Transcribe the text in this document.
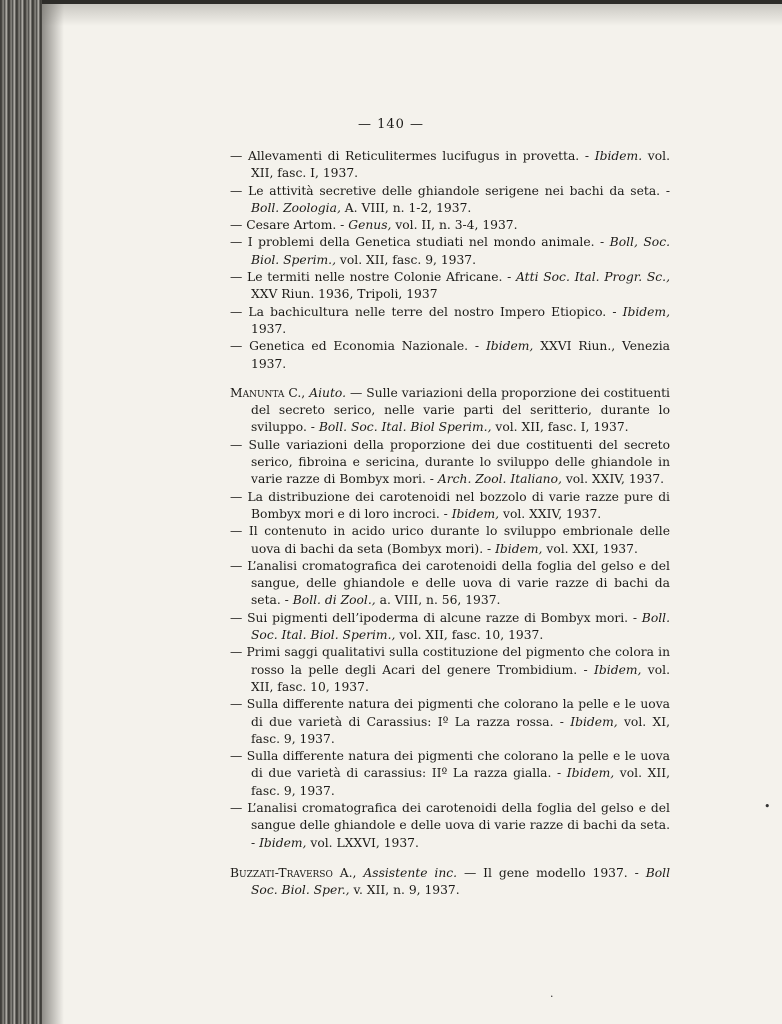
— 140 —

— Allevamenti di Reticulitermes lucifugus in provetta. - Ibidem. vol. XII, fasc. I, 1937.

— Le attività secretive delle ghiandole serigene nei bachi da seta. - Boll. Zoologia, A. VIII, n. 1-2, 1937.

— Cesare Artom. - Genus, vol. II, n. 3-4, 1937.

— I problemi della Genetica studiati nel mondo animale. - Boll, Soc. Biol. Sperim., vol. XII, fasc. 9, 1937.

— Le termiti nelle nostre Colonie Africane. - Atti Soc. Ital. Progr. Sc., XXV Riun. 1936, Tripoli, 1937

— La bachicultura nelle terre del nostro Impero Etiopico. - Ibidem, 1937.

— Genetica ed Economia Nazionale. - Ibidem, XXVI Riun., Venezia 1937.

Manunta C., Aiuto. — Sulle variazioni della proporzione dei costituenti del secreto serico, nelle varie parti del seritterio, durante lo sviluppo. - Boll. Soc. Ital. Biol Sperim., vol. XII, fasc. I, 1937.

— Sulle variazioni della proporzione dei due costituenti del secreto serico, fibroina e sericina, durante lo sviluppo delle ghiandole in varie razze di Bombyx mori. - Arch. Zool. Italiano, vol. XXIV, 1937.

— La distribuzione dei carotenoidi nel bozzolo di varie razze pure di Bombyx mori e di loro incroci. - Ibidem, vol. XXIV, 1937.

— Il contenuto in acido urico durante lo sviluppo embrionale delle uova di bachi da seta (Bombyx mori). - Ibidem, vol. XXI, 1937.

— L’analisi cromatografica dei carotenoidi della foglia del gelso e del sangue, delle ghiandole e delle uova di varie razze di bachi da seta. - Boll. di Zool., a. VIII, n. 56, 1937.

— Sui pigmenti dell’ipoderma di alcune razze di Bombyx mori. - Boll. Soc. Ital. Biol. Sperim., vol. XII, fasc. 10, 1937.

— Primi saggi qualitativi sulla costituzione del pigmento che colora in rosso la pelle degli Acari del genere Trombidium. - Ibidem, vol. XII, fasc. 10, 1937.

— Sulla differente natura dei pigmenti che colorano la pelle e le uova di due varietà di Carassius: Iº La razza rossa. - Ibidem, vol. XI, fasc. 9, 1937.

— Sulla differente natura dei pigmenti che colorano la pelle e le uova di due varietà di carassius: IIº La razza gialla. - Ibidem, vol. XII, fasc. 9, 1937.

— L’analisi cromatografica dei carotenoidi della foglia del gelso e del sangue delle ghiandole e delle uova di varie razze di bachi da seta. - Ibidem, vol. LXXVI, 1937.

Buzzati-Traverso A., Assistente inc. — Il gene modello 1937. - Boll Soc. Biol. Sper., v. XII, n. 9, 1937.

•
·
